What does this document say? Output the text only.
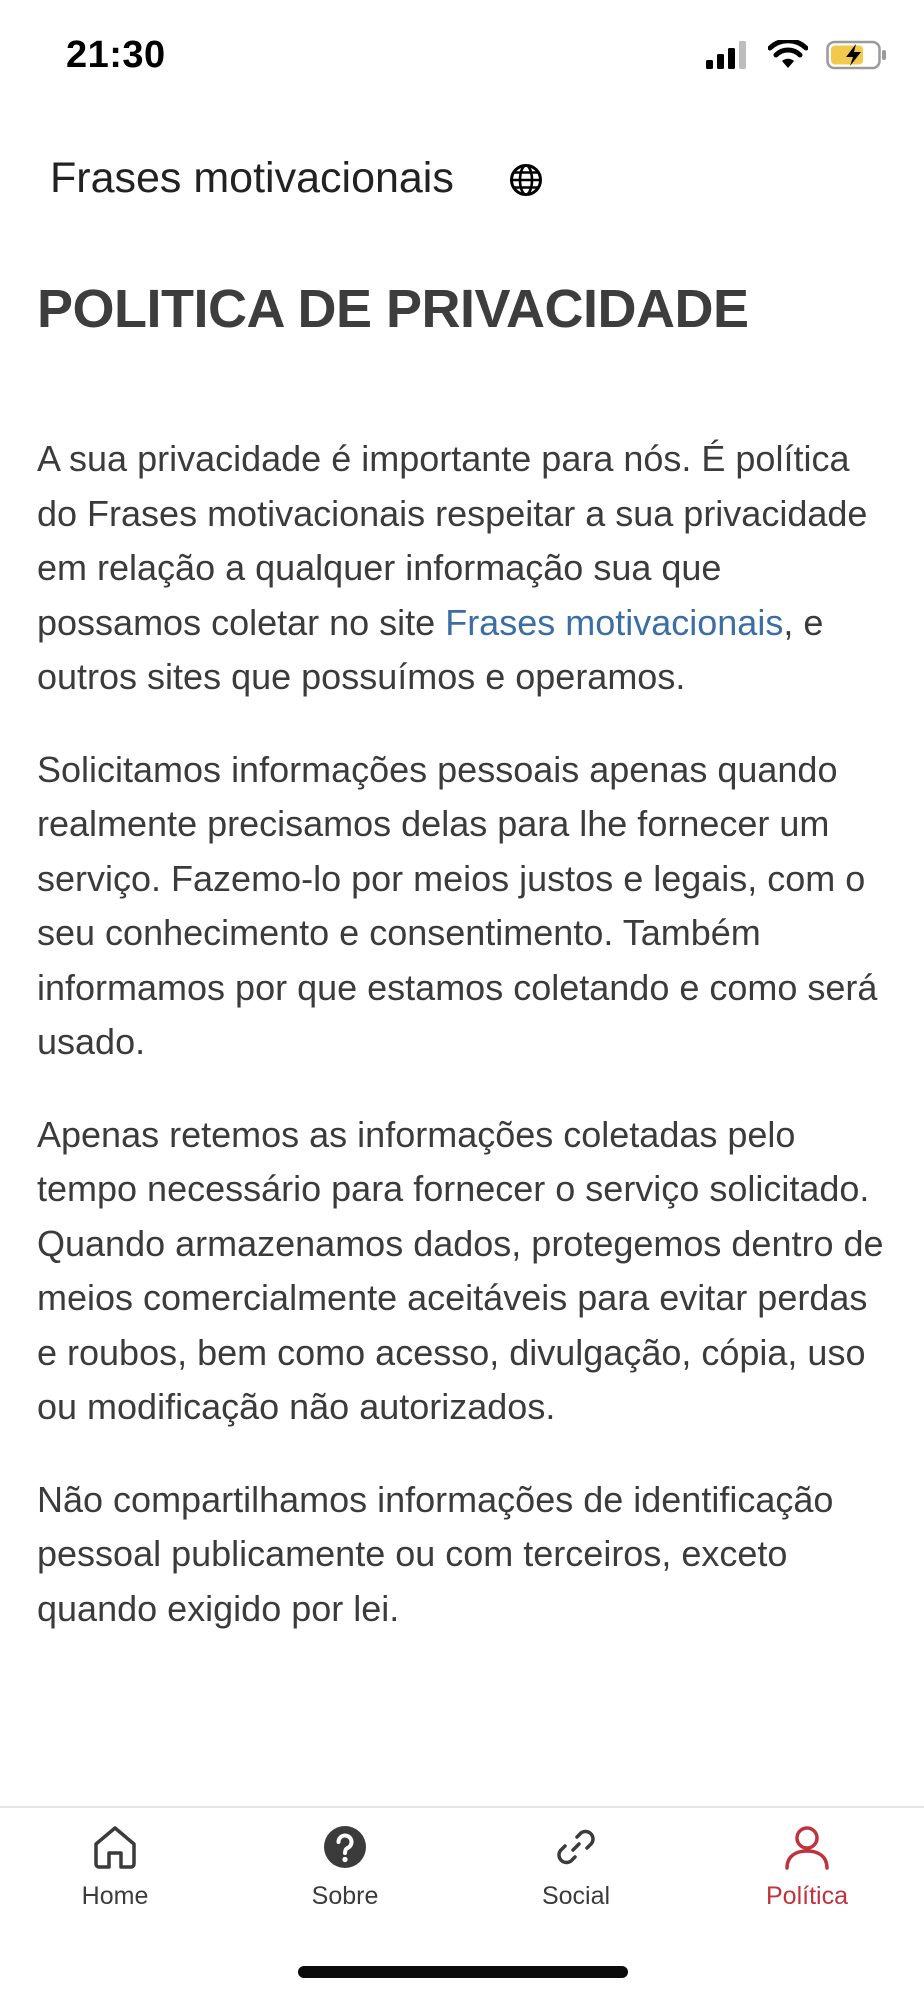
21:30
Frases motivacionais
POLITICA DE PRIVACIDADE

A sua privacidade é importante para nós. É política do Frases motivacionais respeitar a sua privacidade em relação a qualquer informação sua que possamos coletar no site Frases motivacionais, e outros sites que possuímos e operamos.

Solicitamos informações pessoais apenas quando realmente precisamos delas para lhe fornecer um serviço. Fazemo-lo por meios justos e legais, com o seu conhecimento e consentimento. Também informamos por que estamos coletando e como será usado.

Apenas retemos as informações coletadas pelo tempo necessário para fornecer o serviço solicitado. Quando armazenamos dados, protegemos dentro de meios comercialmente aceitáveis para evitar perdas e roubos, bem como acesso, divulgação, cópia, uso ou modificação não autorizados.

Não compartilhamos informações de identificação pessoal publicamente ou com terceiros, exceto quando exigido por lei.

Home	Sobre	Social	Política
